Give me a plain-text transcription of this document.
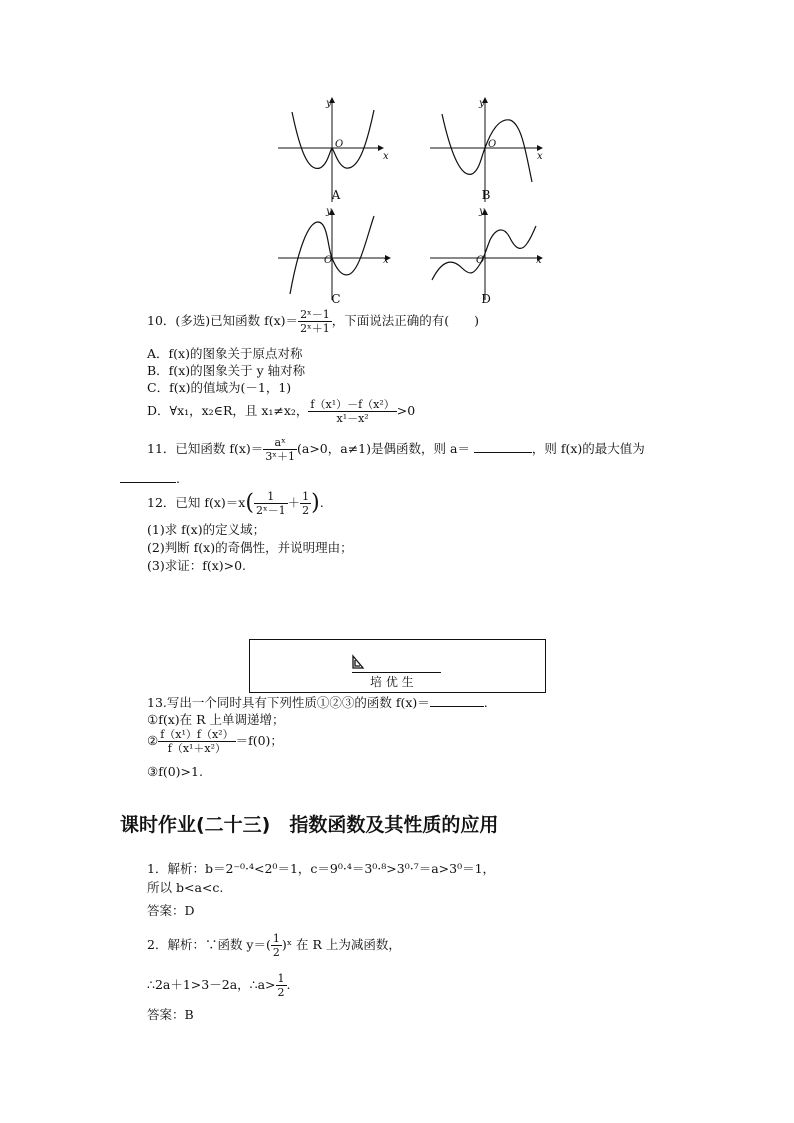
y
x
O
A
y
x
O
B
y
x
O
C
y
x
O
D
10．(多选)已知函数 $f(x)= \frac{\text{2ˣ－1}}{\text{2ˣ＋1}}$ ，下面说法正确的有(　　)
A．f(x)的图象关于原点对称
B．f(x)的图象关于 y 轴对称
C．f(x)的值域为(－1，1)
D．∀x₁，x₂∈R，且 x₁≠x₂， $\frac{\text{f（x¹）－f（x²）}}{\text{x¹－x²}} >0$
11．已知函数 $f(x)= \frac{\text{aˣ}}{\text{3ˣ＋1}} (a>0$，a≠1)是偶函数，则 a＝	，则 f(x)的最大值为
.
12．已知 $f(x)=x( \frac{1}{\text{2ˣ－1}} + \frac{1}{2}$ ).
(1)求 f(x)的定义域；
(2)判断 f(x)的奇偶性，并说明理由；
(3)求证：f(x)>0.
培 优 生
13.写出一个同时具有下列性质①②③的函数 f(x)＝	.
①f(x)在 R 上单调递增；
② $\frac{\text{f（x¹）f（x²）}}{\text{f（x¹＋x²）}} =f(0)$；
③f(0)>1.
课时作业(二十三)　指数函数及其性质的应用
1．解析：b＝2⁻⁰·⁴<2⁰＝1，c＝9⁰·⁴＝3⁰·⁸>3⁰·⁷＝a>3⁰＝1，
所以 b<a<c.
答案：D
2．解析：∵函数 $y=( \frac{1}{2}$ )ˣ 在 R 上为减函数，
∴2a＋1>3－2a，∴a> $\frac{1}{2}$ .
答案：B
